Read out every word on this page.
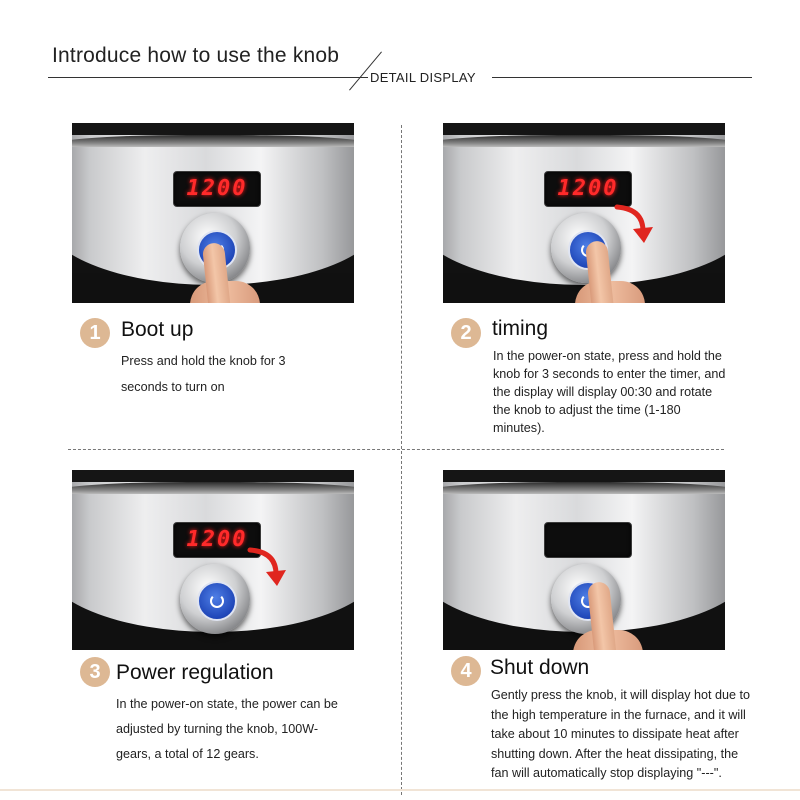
Introduce how to use the knob
DETAIL DISPLAY
1200	1200
1200
1 Boot up
Press and hold the knob for 3
seconds to turn on
2 timing
In the power-on state, press and hold the
knob for 3 seconds to enter the timer, and
the display will display 00:30 and rotate
the knob to adjust the time (1-180
minutes).
3 Power regulation
In the power-on state, the power can be
adjusted by turning the knob, 100W-
gears, a total of 12 gears.
4 Shut down
Gently press the knob, it will display hot due to
the high temperature in the furnace, and it will
take about 10 minutes to dissipate heat after
shutting down. After the heat dissipating, the
fan will automatically stop displaying "---".
